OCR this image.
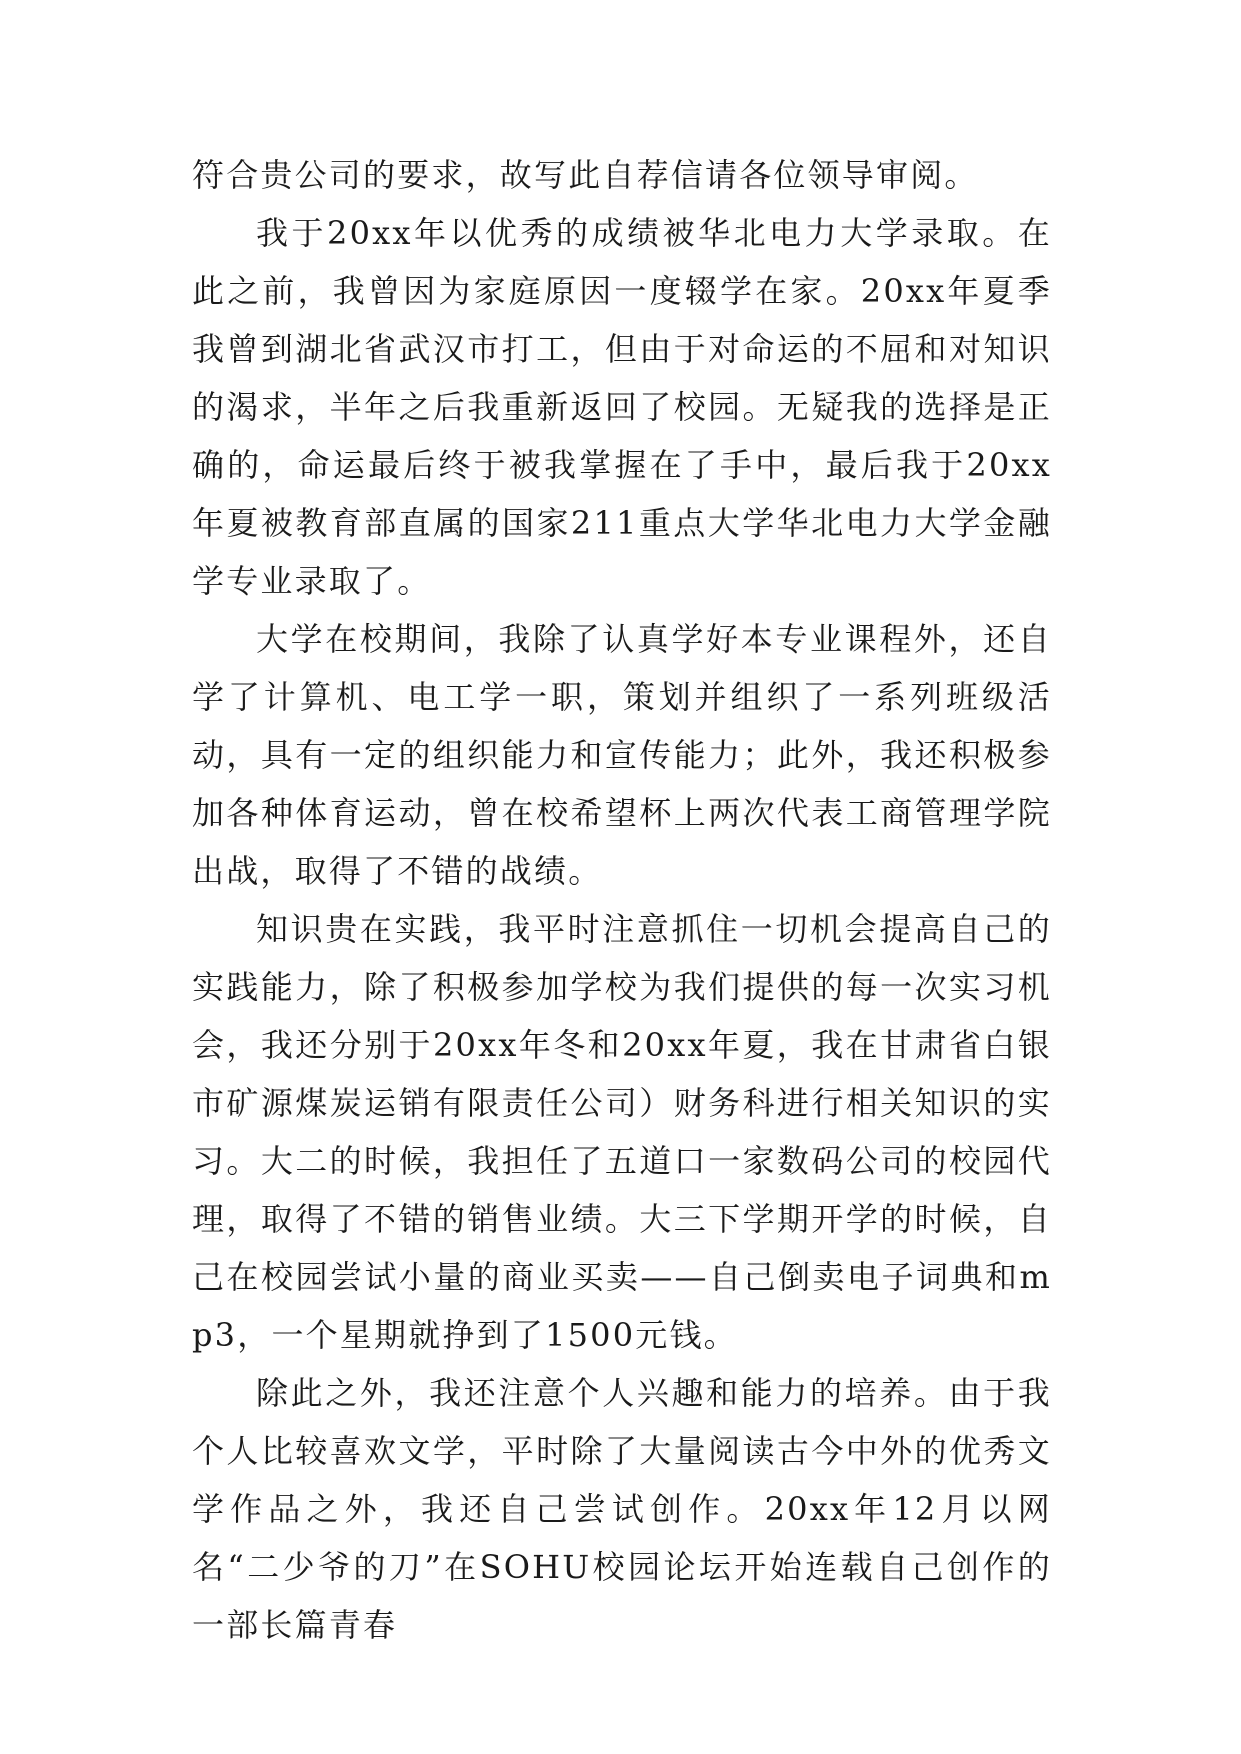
符合贵公司的要求，故写此自荐信请各位领导审阅。

我于20xx年以优秀的成绩被华北电力大学录取。在此之前，我曾因为家庭原因一度辍学在家。20xx年夏季我曾到湖北省武汉市打工，但由于对命运的不屈和对知识的渴求，半年之后我重新返回了校园。无疑我的选择是正确的，命运最后终于被我掌握在了手中，最后我于20xx年夏被教育部直属的国家211重点大学华北电力大学金融学专业录取了。

大学在校期间，我除了认真学好本专业课程外，还自学了计算机、电工学一职，策划并组织了一系列班级活动，具有一定的组织能力和宣传能力；此外，我还积极参加各种体育运动，曾在校希望杯上两次代表工商管理学院出战，取得了不错的战绩。

知识贵在实践，我平时注意抓住一切机会提高自己的实践能力，除了积极参加学校为我们提供的每一次实习机会，我还分别于20xx年冬和20xx年夏，我在甘肃省白银市矿源煤炭运销有限责任公司）财务科进行相关知识的实习。大二的时候，我担任了五道口一家数码公司的校园代理，取得了不错的销售业绩。大三下学期开学的时候，自己在校园尝试小量的商业买卖——自己倒卖电子词典和mp3，一个星期就挣到了1500元钱。

除此之外，我还注意个人兴趣和能力的培养。由于我个人比较喜欢文学，平时除了大量阅读古今中外的优秀文学作品之外，我还自己尝试创作。20xx年12月以网名“二少爷的刀”在SOHU校园论坛开始连载自己创作的一部长篇青春
